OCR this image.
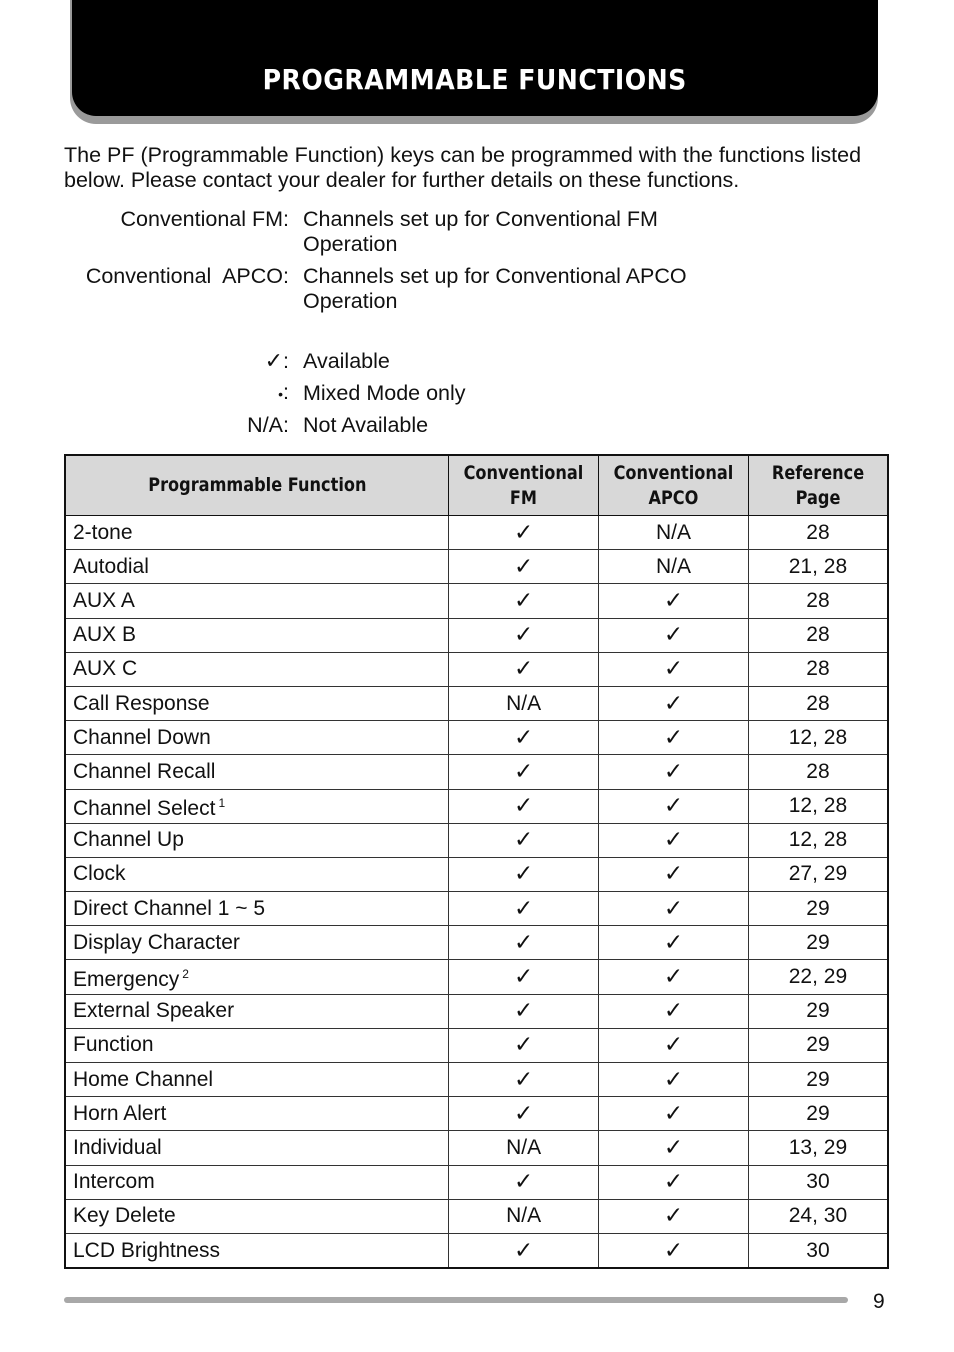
PROGRAMMABLE FUNCTIONS

The PF (Programmable Function) keys can be programmed with the functions listed below. Please contact your dealer for further details on these functions.

Conventional FM: Channels set up for Conventional FM Operation
Conventional  APCO: Channels set up for Conventional APCO Operation
✓: Available
•: Mixed Mode only
N/A: Not Available
Programmable Function	Conventional FM	Conventional APCO	Reference Page
2-tone	✓	N/A	28
Autodial	✓	N/A	21, 28
AUX A	✓	✓	28
AUX B	✓	✓	28
AUX C	✓	✓	28
Call Response	N/A	✓	28
Channel Down	✓	✓	12, 28
Channel Recall	✓	✓	28
Channel Select $^1$	✓	✓	12, 28
Channel Up	✓	✓	12, 28
Clock	✓	✓	27, 29
Direct Channel 1 ~ 5	✓	✓	29
Display Character	✓	✓	29
Emergency $^2$	✓	✓	22, 29
External Speaker	✓	✓	29
Function	✓	✓	29
Home Channel	✓	✓	29
Horn Alert	✓	✓	29
Individual	N/A	✓	13, 29
Intercom	✓	✓	30
Key Delete	N/A	✓	24, 30
LCD Brightness	✓	✓	30
9
